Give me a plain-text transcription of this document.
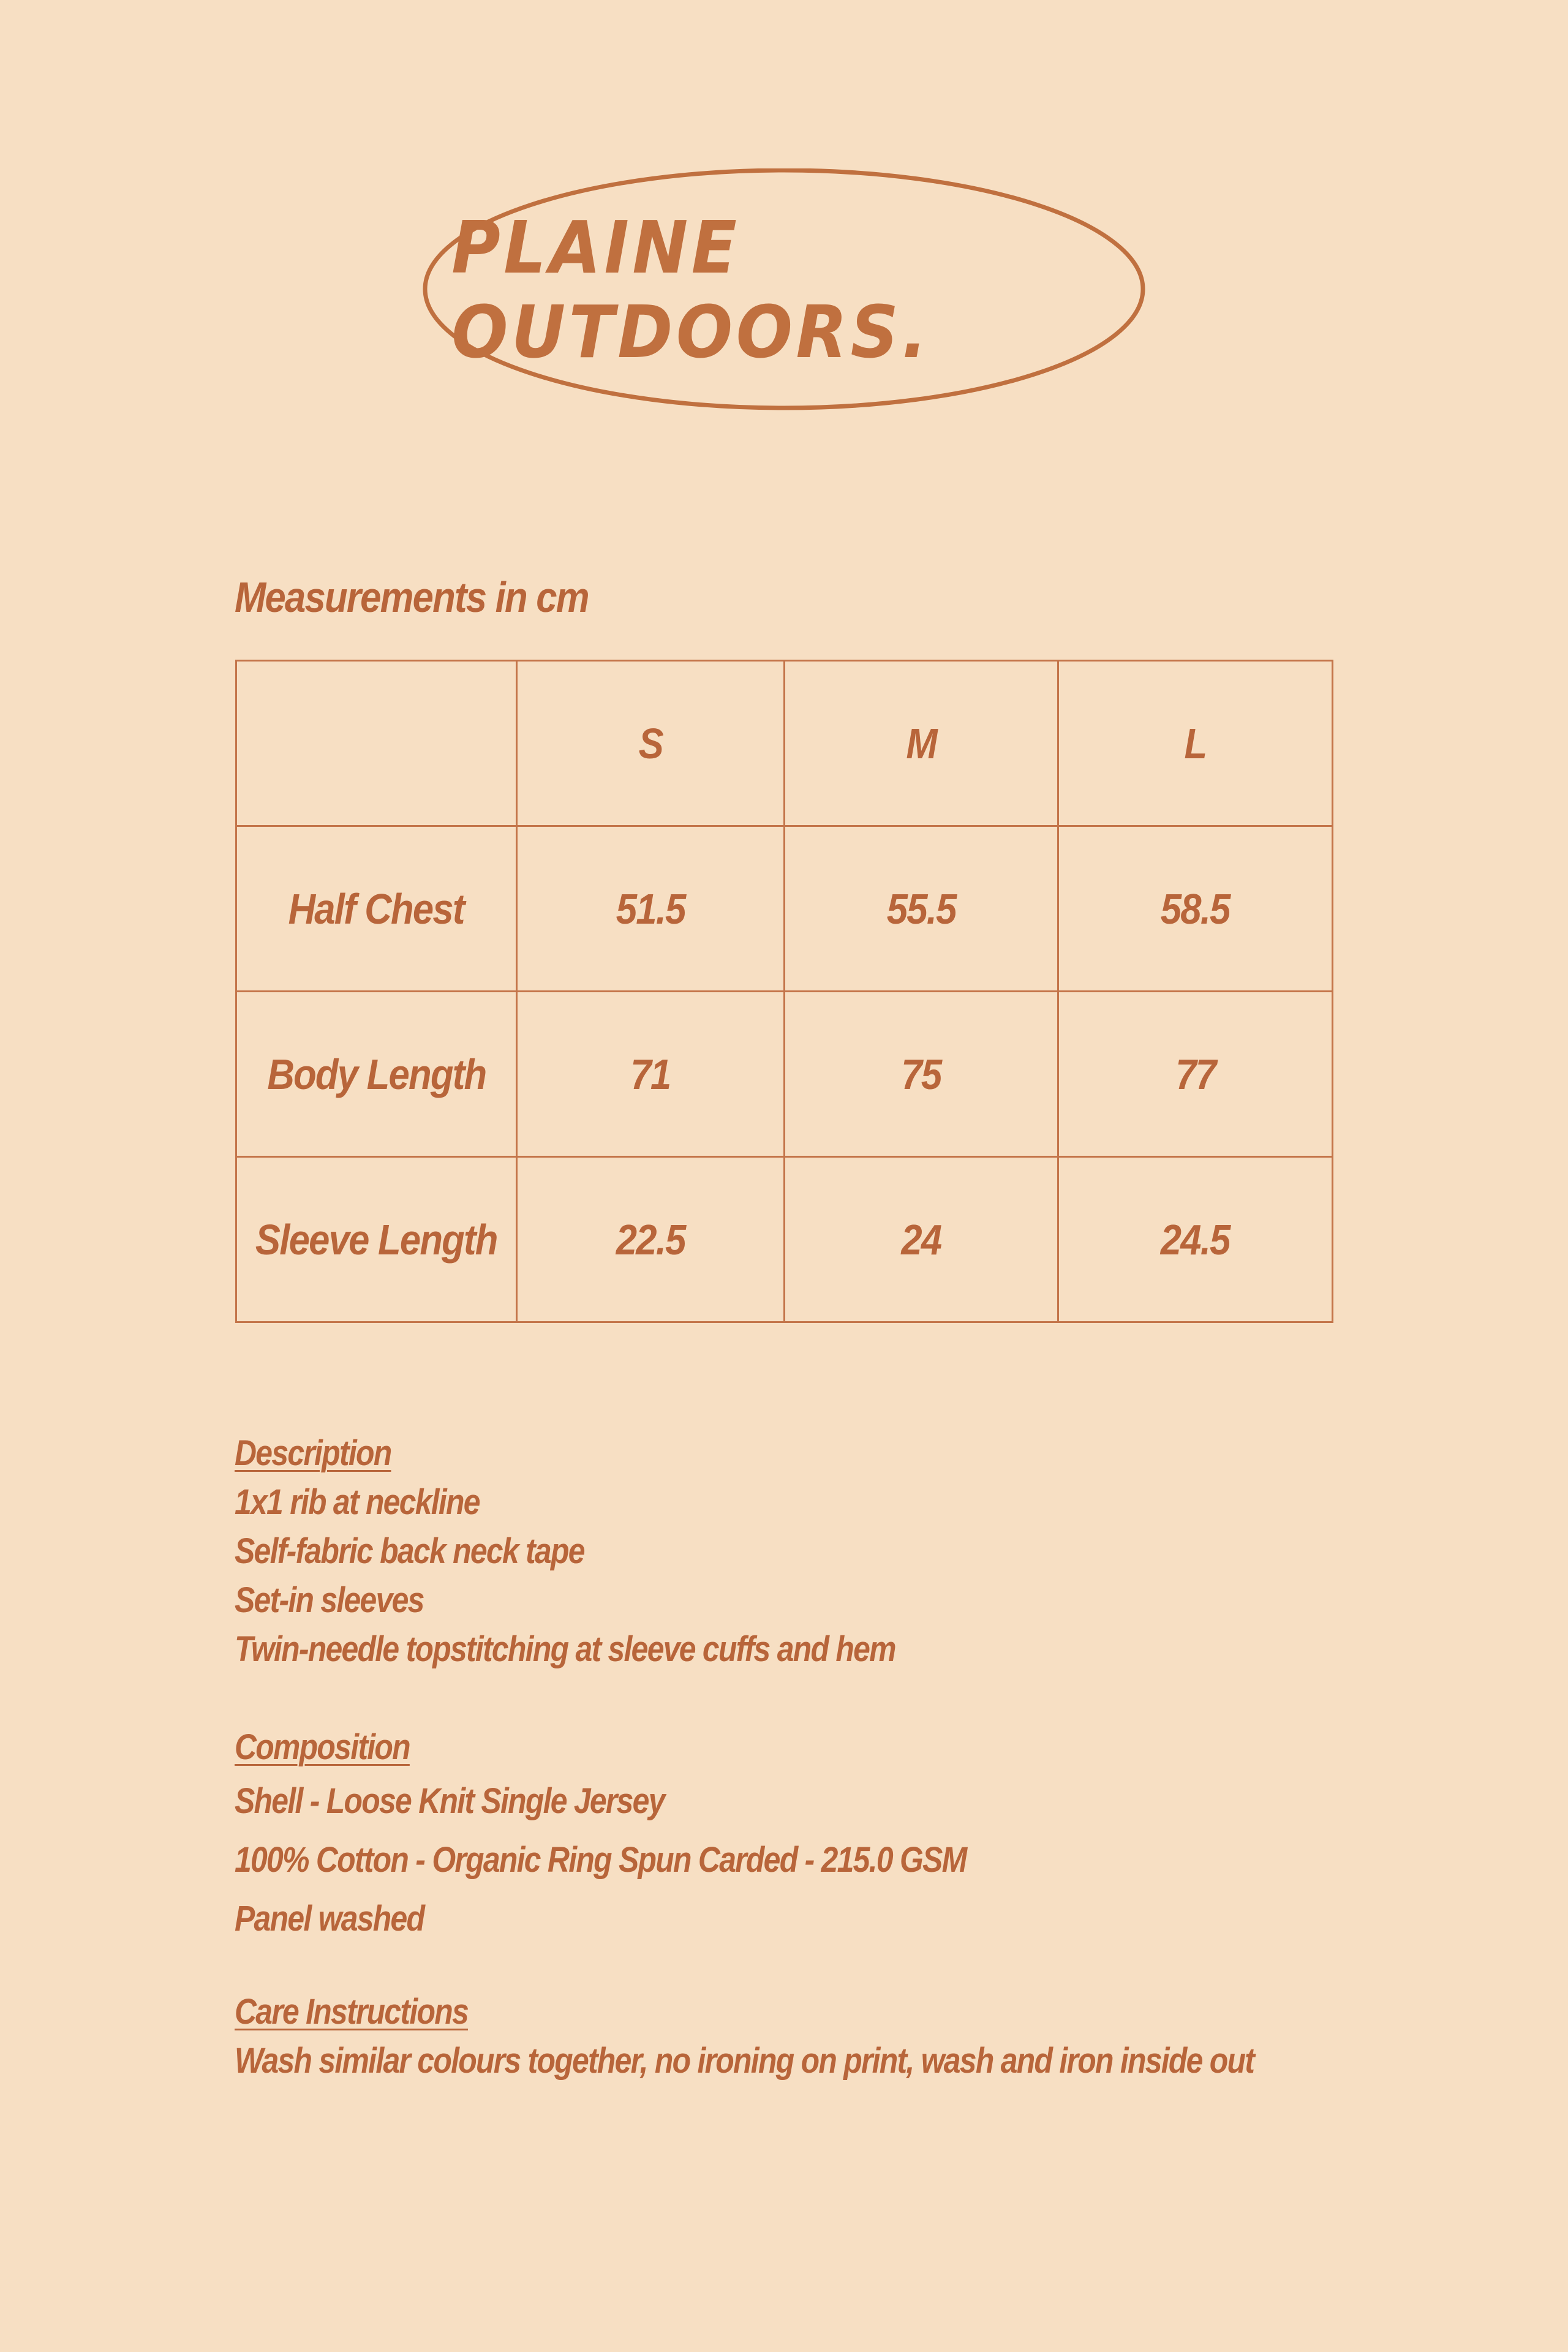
PLAINE OUTDOORS.
Measurements in cm
	S	M	L
Half Chest	51.5	55.5	58.5
Body Length	71	75	77
Sleeve Length	22.5	24	24.5
Description
1x1 rib at neckline
Self-fabric back neck tape
Set-in sleeves
Twin-needle topstitching at sleeve cuffs and hem
Composition
Shell - Loose Knit Single Jersey
100% Cotton - Organic Ring Spun Carded - 215.0 GSM
Panel washed
Care Instructions
Wash similar colours together, no ironing on print, wash and iron inside out
